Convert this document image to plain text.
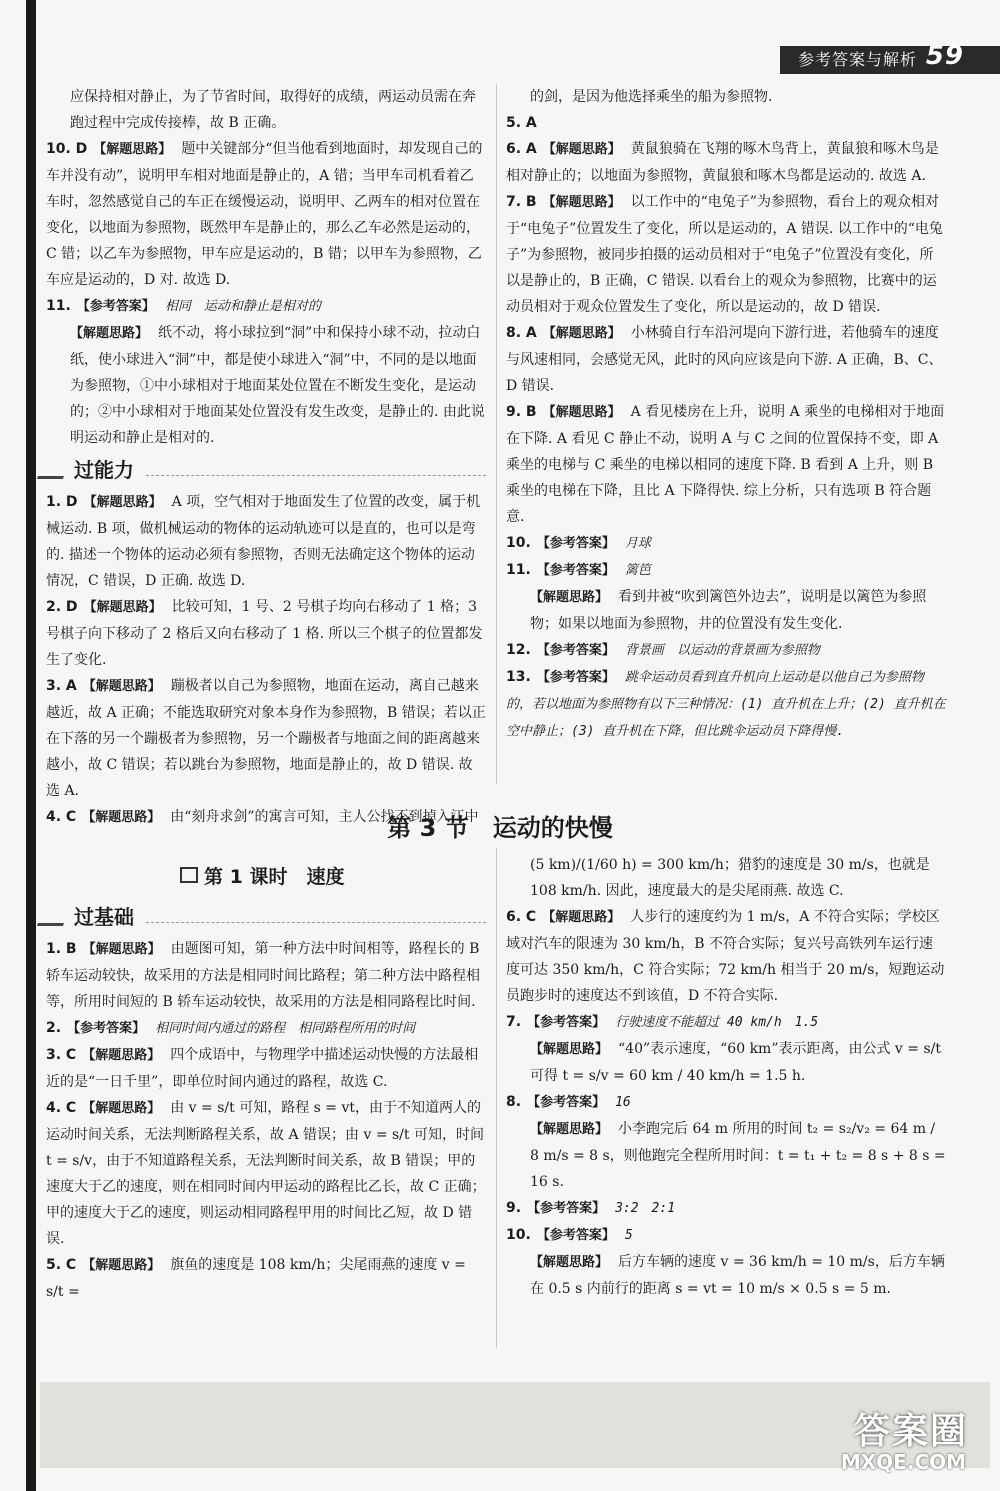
参考答案与解析 59
应保持相对静止，为了节省时间，取得好的成绩，两运动员需在奔跑过程中完成传接棒，故 B 正确。
10. D 【解题思路】 题中关键部分“但当他看到地面时，却发现自己的车并没有动”，说明甲车相对地面是静止的，A 错；当甲车司机看着乙车时，忽然感觉自己的车正在缓慢运动，说明甲、乙两车的相对位置在变化，以地面为参照物，既然甲车是静止的，那么乙车必然是运动的，C 错；以乙车为参照物，甲车应是运动的，B 错；以甲车为参照物，乙车应是运动的，D 对. 故选 D.
11. 【参考答案】 相同　运动和静止是相对的
【解题思路】 纸不动，将小球拉到“洞”中和保持小球不动，拉动白纸，使小球进入“洞”中，都是使小球进入“洞”中，不同的是以地面为参照物，①中小球相对于地面某处位置在不断发生变化，是运动的；②中小球相对于地面某处位置没有发生改变，是静止的. 由此说明运动和静止是相对的.
过能力
1. D 【解题思路】 A 项，空气相对于地面发生了位置的改变，属于机械运动. B 项，做机械运动的物体的运动轨迹可以是直的，也可以是弯的. 描述一个物体的运动必须有参照物，否则无法确定这个物体的运动情况，C 错误，D 正确. 故选 D.
2. D 【解题思路】 比较可知，1 号、2 号棋子均向右移动了 1 格；3 号棋子向下移动了 2 格后又向右移动了 1 格. 所以三个棋子的位置都发生了变化.
3. A 【解题思路】 蹦极者以自己为参照物，地面在运动，离自己越来越近，故 A 正确；不能选取研究对象本身作为参照物，B 错误；若以正在下落的另一个蹦极者为参照物，另一个蹦极者与地面之间的距离越来越小，故 C 错误；若以跳台为参照物，地面是静止的，故 D 错误. 故选 A.
4. C 【解题思路】 由“刻舟求剑”的寓言可知，主人公找不到掉入江中
的剑，是因为他选择乘坐的船为参照物.
5. A
6. A 【解题思路】 黄鼠狼骑在飞翔的啄木鸟背上，黄鼠狼和啄木鸟是相对静止的；以地面为参照物，黄鼠狼和啄木鸟都是运动的. 故选 A.
7. B 【解题思路】 以工作中的“电兔子”为参照物，看台上的观众相对于“电兔子”位置发生了变化，所以是运动的，A 错误. 以工作中的“电兔子”为参照物，被同步拍摄的运动员相对于“电兔子”位置没有变化，所以是静止的，B 正确，C 错误. 以看台上的观众为参照物，比赛中的运动员相对于观众位置发生了变化，所以是运动的，故 D 错误.
8. A 【解题思路】 小林骑自行车沿河堤向下游行进，若他骑车的速度与风速相同，会感觉无风，此时的风向应该是向下游. A 正确，B、C、D 错误.
9. B 【解题思路】 A 看见楼房在上升，说明 A 乘坐的电梯相对于地面在下降. A 看见 C 静止不动，说明 A 与 C 之间的位置保持不变，即 A 乘坐的电梯与 C 乘坐的电梯以相同的速度下降. B 看到 A 上升，则 B 乘坐的电梯在下降，且比 A 下降得快. 综上分析，只有选项 B 符合题意.
10. 【参考答案】 月球
11. 【参考答案】 篱笆
【解题思路】 看到井被“吹到篱笆外边去”，说明是以篱笆为参照物；如果以地面为参照物，井的位置没有发生变化.
12. 【参考答案】 背景画　以运动的背景画为参照物
13. 【参考答案】 跳伞运动员看到直升机向上运动是以他自己为参照物的，若以地面为参照物有以下三种情况：(1) 直升机在上升；(2) 直升机在空中静止；(3) 直升机在下降，但比跳伞运动员下降得慢.
第 3 节　运动的快慢
第 1 课时　速度
过基础
1. B 【解题思路】 由题图可知，第一种方法中时间相等，路程长的 B 轿车运动较快，故采用的方法是相同时间比路程；第二种方法中路程相等，所用时间短的 B 轿车运动较快，故采用的方法是相同路程比时间.
2. 【参考答案】 相同时间内通过的路程　相同路程所用的时间
3. C 【解题思路】 四个成语中，与物理学中描述运动快慢的方法最相近的是“一日千里”，即单位时间内通过的路程，故选 C.
4. C 【解题思路】 由 v = s/t 可知，路程 s = vt，由于不知道两人的运动时间关系，无法判断路程关系，故 A 错误；由 v = s/t 可知，时间 t = s/v，由于不知道路程关系，无法判断时间关系，故 B 错误；甲的速度大于乙的速度，则在相同时间内甲运动的路程比乙长，故 C 正确；甲的速度大于乙的速度，则运动相同路程甲用的时间比乙短，故 D 错误.
5. C 【解题思路】 旗鱼的速度是 108 km/h；尖尾雨燕的速度 v = s/t =
(5 km)/(1/60 h) = 300 km/h；猎豹的速度是 30 m/s，也就是 108 km/h. 因此，速度最大的是尖尾雨燕. 故选 C.
6. C 【解题思路】 人步行的速度约为 1 m/s，A 不符合实际；学校区域对汽车的限速为 30 km/h，B 不符合实际；复兴号高铁列车运行速度可达 350 km/h，C 符合实际；72 km/h 相当于 20 m/s，短跑运动员跑步时的速度达不到该值，D 不符合实际.
7. 【参考答案】 行驶速度不能超过 40 km/h　1.5
【解题思路】 “40”表示速度，“60 km”表示距离，由公式 v = s/t 可得 t = s/v = 60 km / 40 km/h = 1.5 h.
8. 【参考答案】 16
【解题思路】 小李跑完后 64 m 所用的时间 t₂ = s₂/v₂ = 64 m / 8 m/s = 8 s，则他跑完全程所用时间：t = t₁ + t₂ = 8 s + 8 s = 16 s.
9. 【参考答案】 3:2　2:1
10. 【参考答案】 5
【解题思路】 后方车辆的速度 v = 36 km/h = 10 m/s，后方车辆在 0.5 s 内前行的距离 s = vt = 10 m/s × 0.5 s = 5 m.
答案圈
MXQE.COM
